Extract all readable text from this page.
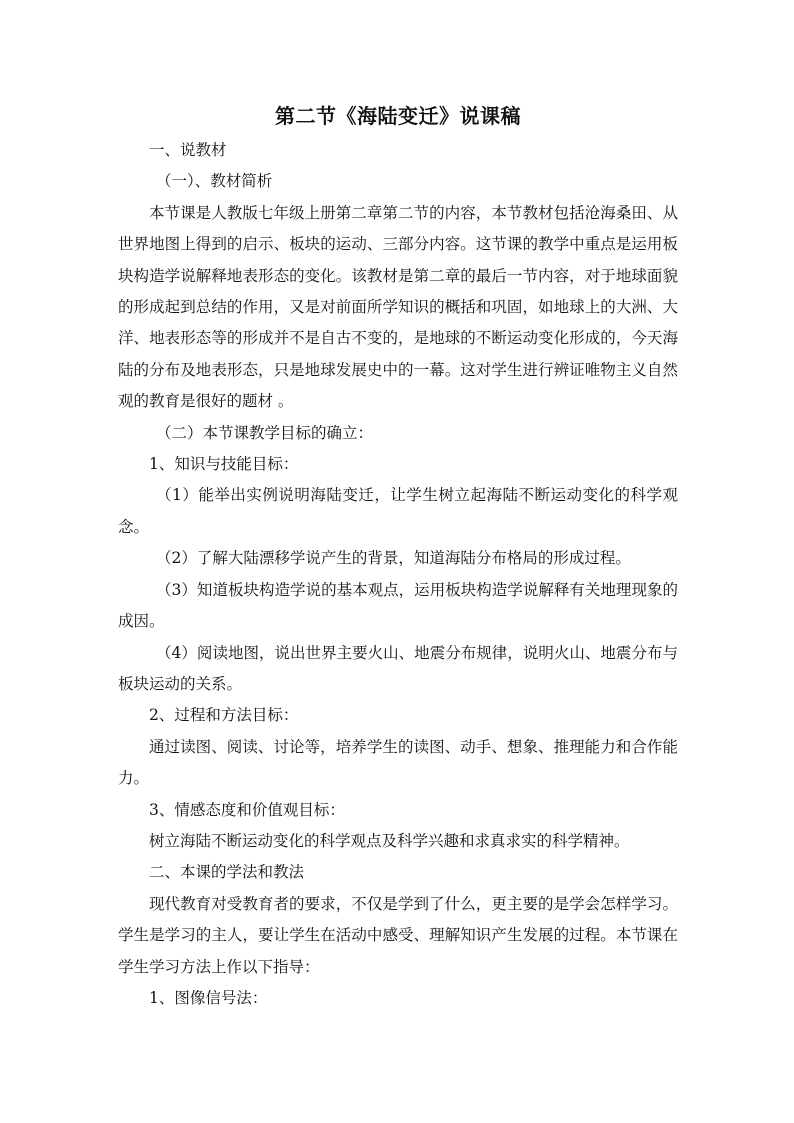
第二节《海陆变迁》说课稿

一、说教材

（一）、教材简析

本节课是人教版七年级上册第二章第二节的内容，本节教材包括沧海桑田、从世界地图上得到的启示、板块的运动、三部分内容。这节课的教学中重点是运用板块构造学说解释地表形态的变化。该教材是第二章的最后一节内容，对于地球面貌的形成起到总结的作用，又是对前面所学知识的概括和巩固，如地球上的大洲、大洋、地表形态等的形成并不是自古不变的，是地球的不断运动变化形成的，今天海陆的分布及地表形态，只是地球发展史中的一幕。这对学生进行辨证唯物主义自然观的教育是很好的题材 。

（二）本节课教学目标的确立：

1、知识与技能目标：

（1）能举出实例说明海陆变迁，让学生树立起海陆不断运动变化的科学观念。

（2）了解大陆漂移学说产生的背景，知道海陆分布格局的形成过程。

（3）知道板块构造学说的基本观点，运用板块构造学说解释有关地理现象的成因。

（4）阅读地图，说出世界主要火山、地震分布规律，说明火山、地震分布与板块运动的关系。

2、过程和方法目标：

通过读图、阅读、讨论等，培养学生的读图、动手、想象、推理能力和合作能力。

3、情感态度和价值观目标：

树立海陆不断运动变化的科学观点及科学兴趣和求真求实的科学精神。

二、本课的学法和教法

现代教育对受教育者的要求，不仅是学到了什么，更主要的是学会怎样学习。学生是学习的主人，要让学生在活动中感受、理解知识产生发展的过程。本节课在学生学习方法上作以下指导：

1、图像信号法：
